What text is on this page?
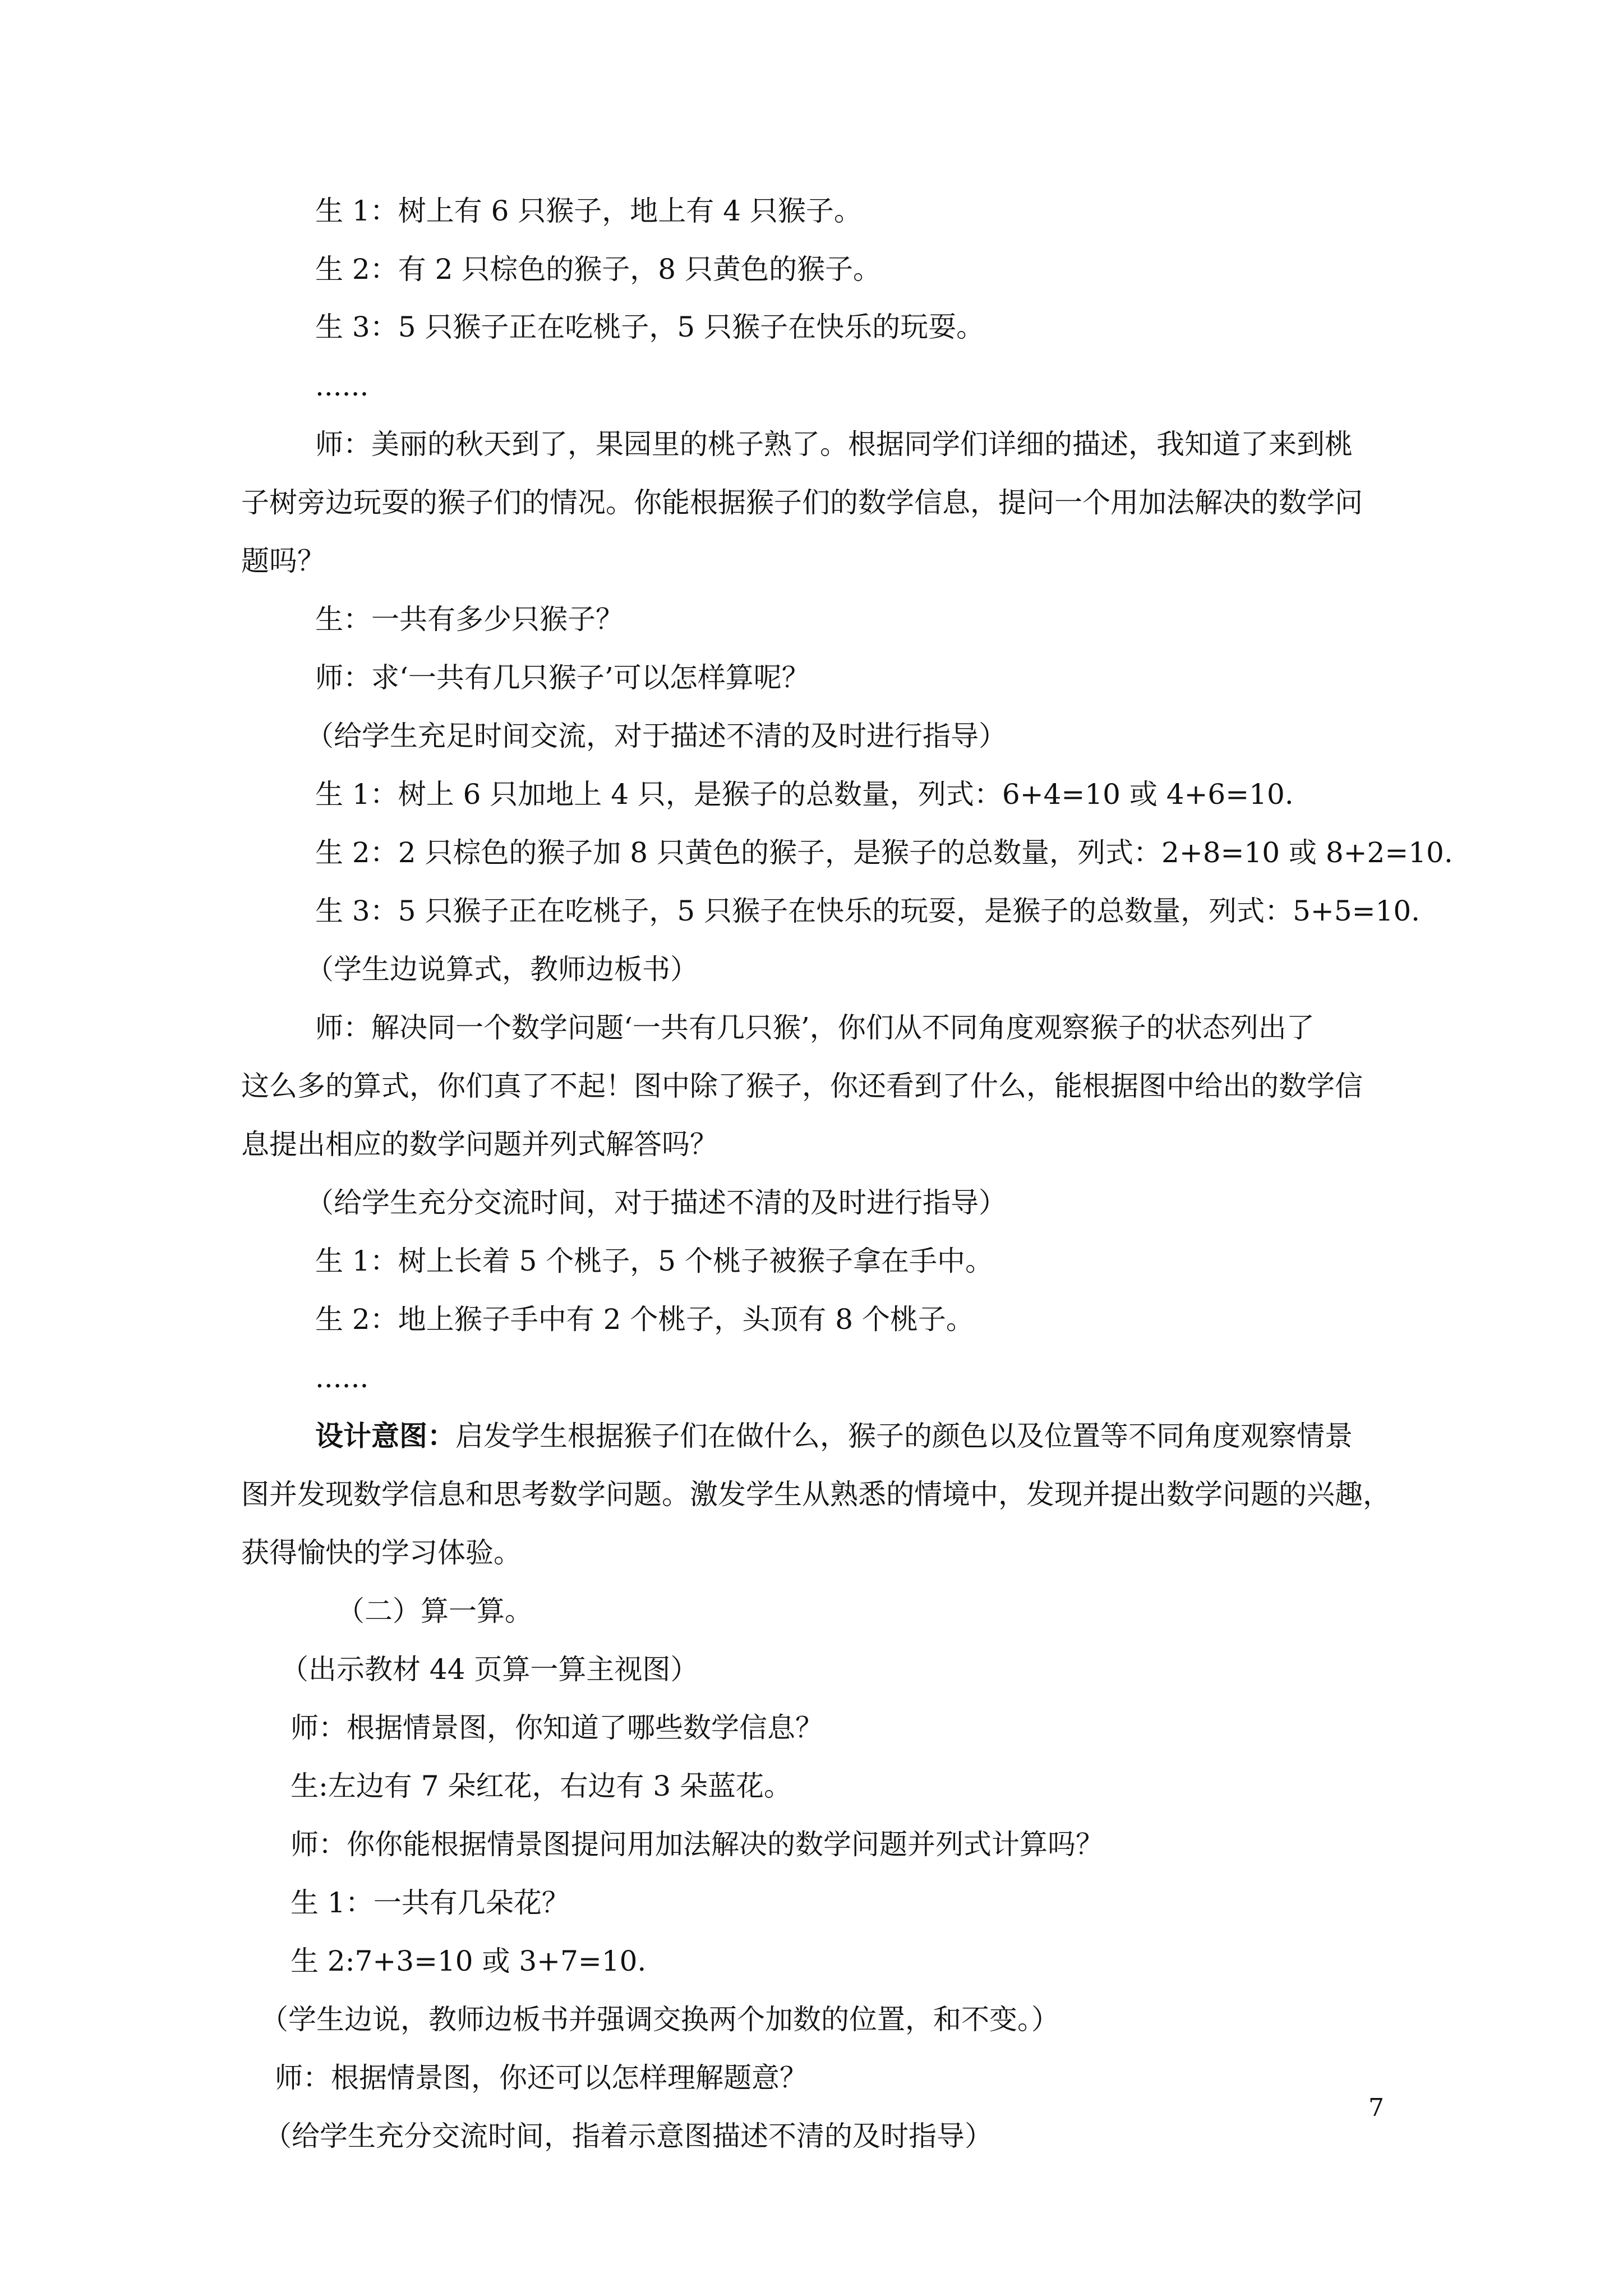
生 1：树上有 6 只猴子，地上有 4 只猴子。
生 2：有 2 只棕色的猴子，8 只黄色的猴子。
生 3：5 只猴子正在吃桃子，5 只猴子在快乐的玩耍。
......
师：美丽的秋天到了，果园里的桃子熟了。根据同学们详细的描述，我知道了来到桃
子树旁边玩耍的猴子们的情况。你能根据猴子们的数学信息，提问一个用加法解决的数学问
题吗？
生：一共有多少只猴子？
师：求‘一共有几只猴子’可以怎样算呢？
（给学生充足时间交流，对于描述不清的及时进行指导）
生 1：树上 6 只加地上 4 只，是猴子的总数量，列式：6+4=10 或 4+6=10.
生 2：2 只棕色的猴子加 8 只黄色的猴子，是猴子的总数量，列式：2+8=10 或 8+2=10.
生 3：5 只猴子正在吃桃子，5 只猴子在快乐的玩耍，是猴子的总数量，列式：5+5=10.
（学生边说算式，教师边板书）
师：解决同一个数学问题‘一共有几只猴’，你们从不同角度观察猴子的状态列出了
这么多的算式，你们真了不起！图中除了猴子，你还看到了什么，能根据图中给出的数学信
息提出相应的数学问题并列式解答吗？
（给学生充分交流时间，对于描述不清的及时进行指导）
生 1：树上长着 5 个桃子，5 个桃子被猴子拿在手中。
生 2：地上猴子手中有 2 个桃子，头顶有 8 个桃子。
......
设计意图：启发学生根据猴子们在做什么，猴子的颜色以及位置等不同角度观察情景
图并发现数学信息和思考数学问题。激发学生从熟悉的情境中，发现并提出数学问题的兴趣，
获得愉快的学习体验。
（二）算一算。
（出示教材 44 页算一算主视图）
师：根据情景图，你知道了哪些数学信息？
生:左边有 7 朵红花，右边有 3 朵蓝花。
师：你你能根据情景图提问用加法解决的数学问题并列式计算吗？
生 1：一共有几朵花？
生 2:7+3=10 或 3+7=10.
（学生边说，教师边板书并强调交换两个加数的位置，和不变。）
师：根据情景图，你还可以怎样理解题意？
（给学生充分交流时间，指着示意图描述不清的及时指导）
7
